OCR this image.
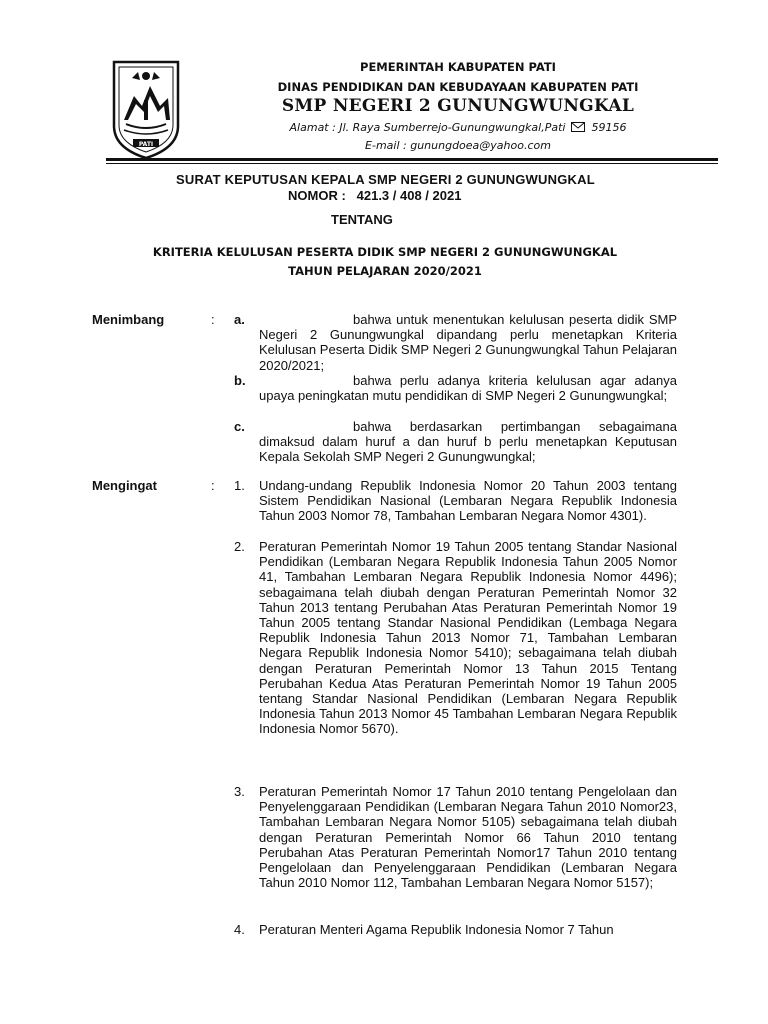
PATI
PEMERINTAH KABUPATEN PATI
DINAS PENDIDIKAN DAN KEBUDAYAAN KABUPATEN PATI
SMP NEGERI 2 GUNUNGWUNGKAL
Alamat : Jl. Raya Sumberrejo-Gunungwungkal,Pati 59156
E-mail : gunungdoea@yahoo.com
SURAT KEPUTUSAN KEPALA SMP NEGERI 2 GUNUNGWUNGKAL
NOMOR : 421.3 / 408 / 2021
TENTANG
KRITERIA KELULUSAN PESERTA DIDIK SMP NEGERI 2 GUNUNGWUNGKAL
TAHUN PELAJARAN 2020/2021
Menimbang	: a.	bahwa untuk menentukan kelulusan peserta didik SMP Negeri 2 Gunungwungkal dipandang perlu menetapkan Kriteria Kelulusan Peserta Didik SMP Negeri 2 Gunungwungkal Tahun Pelajaran 2020/2021;
b.	bahwa perlu adanya kriteria kelulusan agar adanya upaya peningkatan mutu pendidikan di SMP Negeri 2 Gunungwungkal;
c.	bahwa berdasarkan pertimbangan sebagaimana dimaksud dalam huruf a dan huruf b perlu menetapkan Keputusan Kepala Sekolah SMP Negeri 2 Gunungwungkal;
Mengingat	: 1. Undang-undang Republik Indonesia Nomor 20 Tahun 2003 tentang Sistem Pendidikan Nasional (Lembaran Negara Republik Indonesia Tahun 2003 Nomor 78, Tambahan Lembaran Negara Nomor 4301).
2. Peraturan Pemerintah Nomor 19 Tahun 2005 tentang Standar Nasional Pendidikan (Lembaran Negara Republik Indonesia Tahun 2005 Nomor 41, Tambahan Lembaran Negara Republik Indonesia Nomor 4496); sebagaimana telah diubah dengan Peraturan Pemerintah Nomor 32 Tahun 2013 tentang Perubahan Atas Peraturan Pemerintah Nomor 19 Tahun 2005 tentang Standar Nasional Pendidikan (Lembaga Negara Republik Indonesia Tahun 2013 Nomor 71, Tambahan Lembaran Negara Republik Indonesia Nomor 5410); sebagaimana telah diubah dengan Peraturan Pemerintah Nomor 13 Tahun 2015 Tentang Perubahan Kedua Atas Peraturan Pemerintah Nomor 19 Tahun 2005 tentang Standar Nasional Pendidikan (Lembaran Negara Republik Indonesia Tahun 2013 Nomor 45 Tambahan Lembaran Negara Republik Indonesia Nomor 5670).
3. Peraturan Pemerintah Nomor 17 Tahun 2010 tentang Pengelolaan dan Penyelenggaraan Pendidikan (Lembaran Negara Tahun 2010 Nomor23, Tambahan Lembaran Negara Nomor 5105) sebagaimana telah diubah dengan Peraturan Pemerintah Nomor 66 Tahun 2010 tentang Perubahan Atas Peraturan Pemerintah Nomor17 Tahun 2010 tentang Pengelolaan dan Penyelenggaraan Pendidikan (Lembaran Negara Tahun 2010 Nomor 112, Tambahan Lembaran Negara Nomor 5157);
4. Peraturan Menteri Agama Republik Indonesia Nomor 7 Tahun
